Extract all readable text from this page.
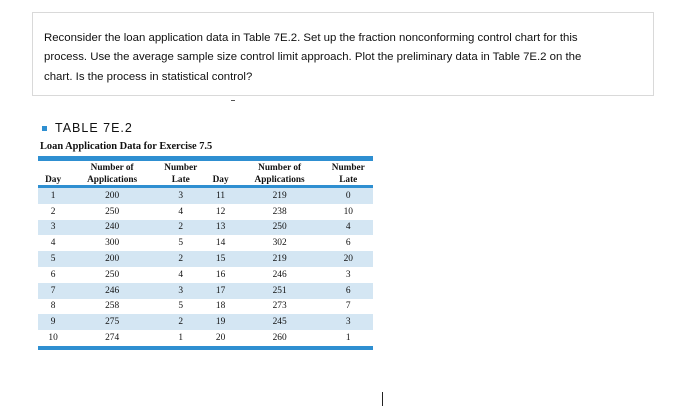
Reconsider the loan application data in Table 7E.2. Set up the fraction nonconforming control chart for this

process. Use the average sample size control limit approach. Plot the preliminary data in Table 7E.2 on the

chart. Is the process in statistical control?

TABLE 7E.2
Loan Application Data for Exercise 7.5
	Number of	Number		Number of	Number
Day	Applications	Late	Day	Applications	Late

1	200	3	11	219	0
2	250	4	12	238	10
3	240	2	13	250	4
4	300	5	14	302	6
5	200	2	15	219	20
6	250	4	16	246	3
7	246	3	17	251	6
8	258	5	18	273	7
9	275	2	19	245	3
10	274	1	20	260	1
